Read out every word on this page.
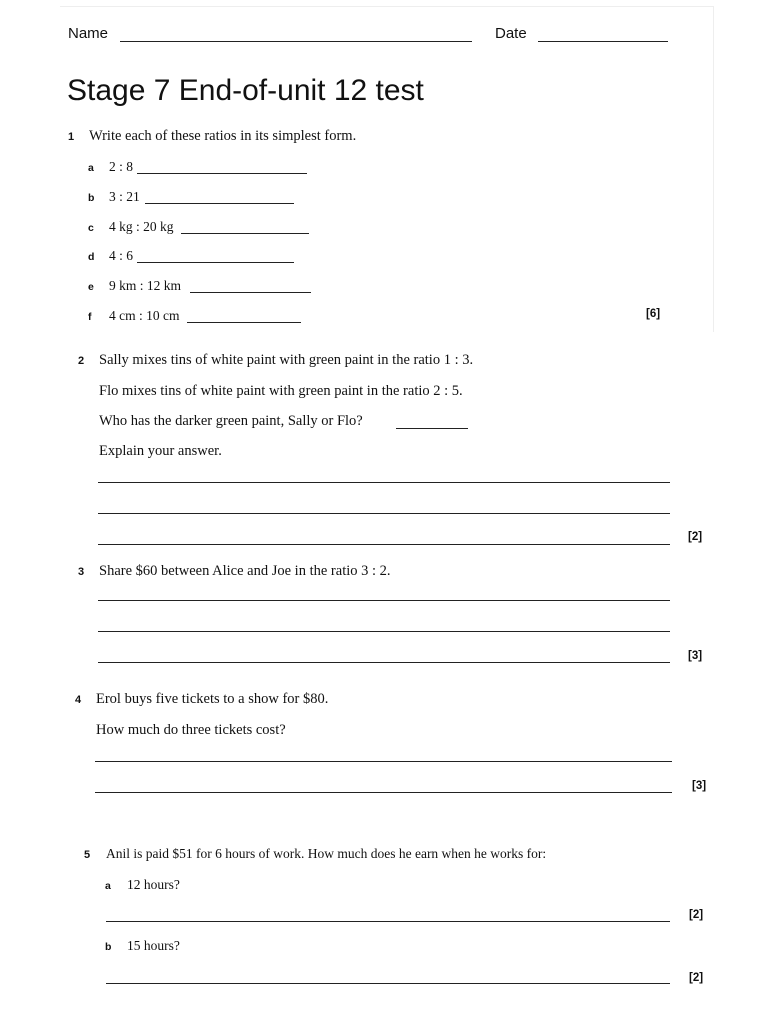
Name	Date
Stage 7 End-of-unit 12 test
1 Write each of these ratios in its simplest form.
a 2 : 8
b 3 : 21
c 4 kg : 20 kg
d 4 : 6
e 9 km : 12 km
f 4 cm : 10 cm	[6]
2 Sally mixes tins of white paint with green paint in the ratio 1 : 3.
Flo mixes tins of white paint with green paint in the ratio 2 : 5.
Who has the darker green paint, Sally or Flo?
Explain your answer.
[2]
3 Share $60 between Alice and Joe in the ratio 3 : 2.
[3]
4 Erol buys five tickets to a show for $80.
How much do three tickets cost?
[3]
5 Anil is paid $51 for 6 hours of work. How much does he earn when he works for:
a 12 hours?
[2]
b 15 hours?
[2]
